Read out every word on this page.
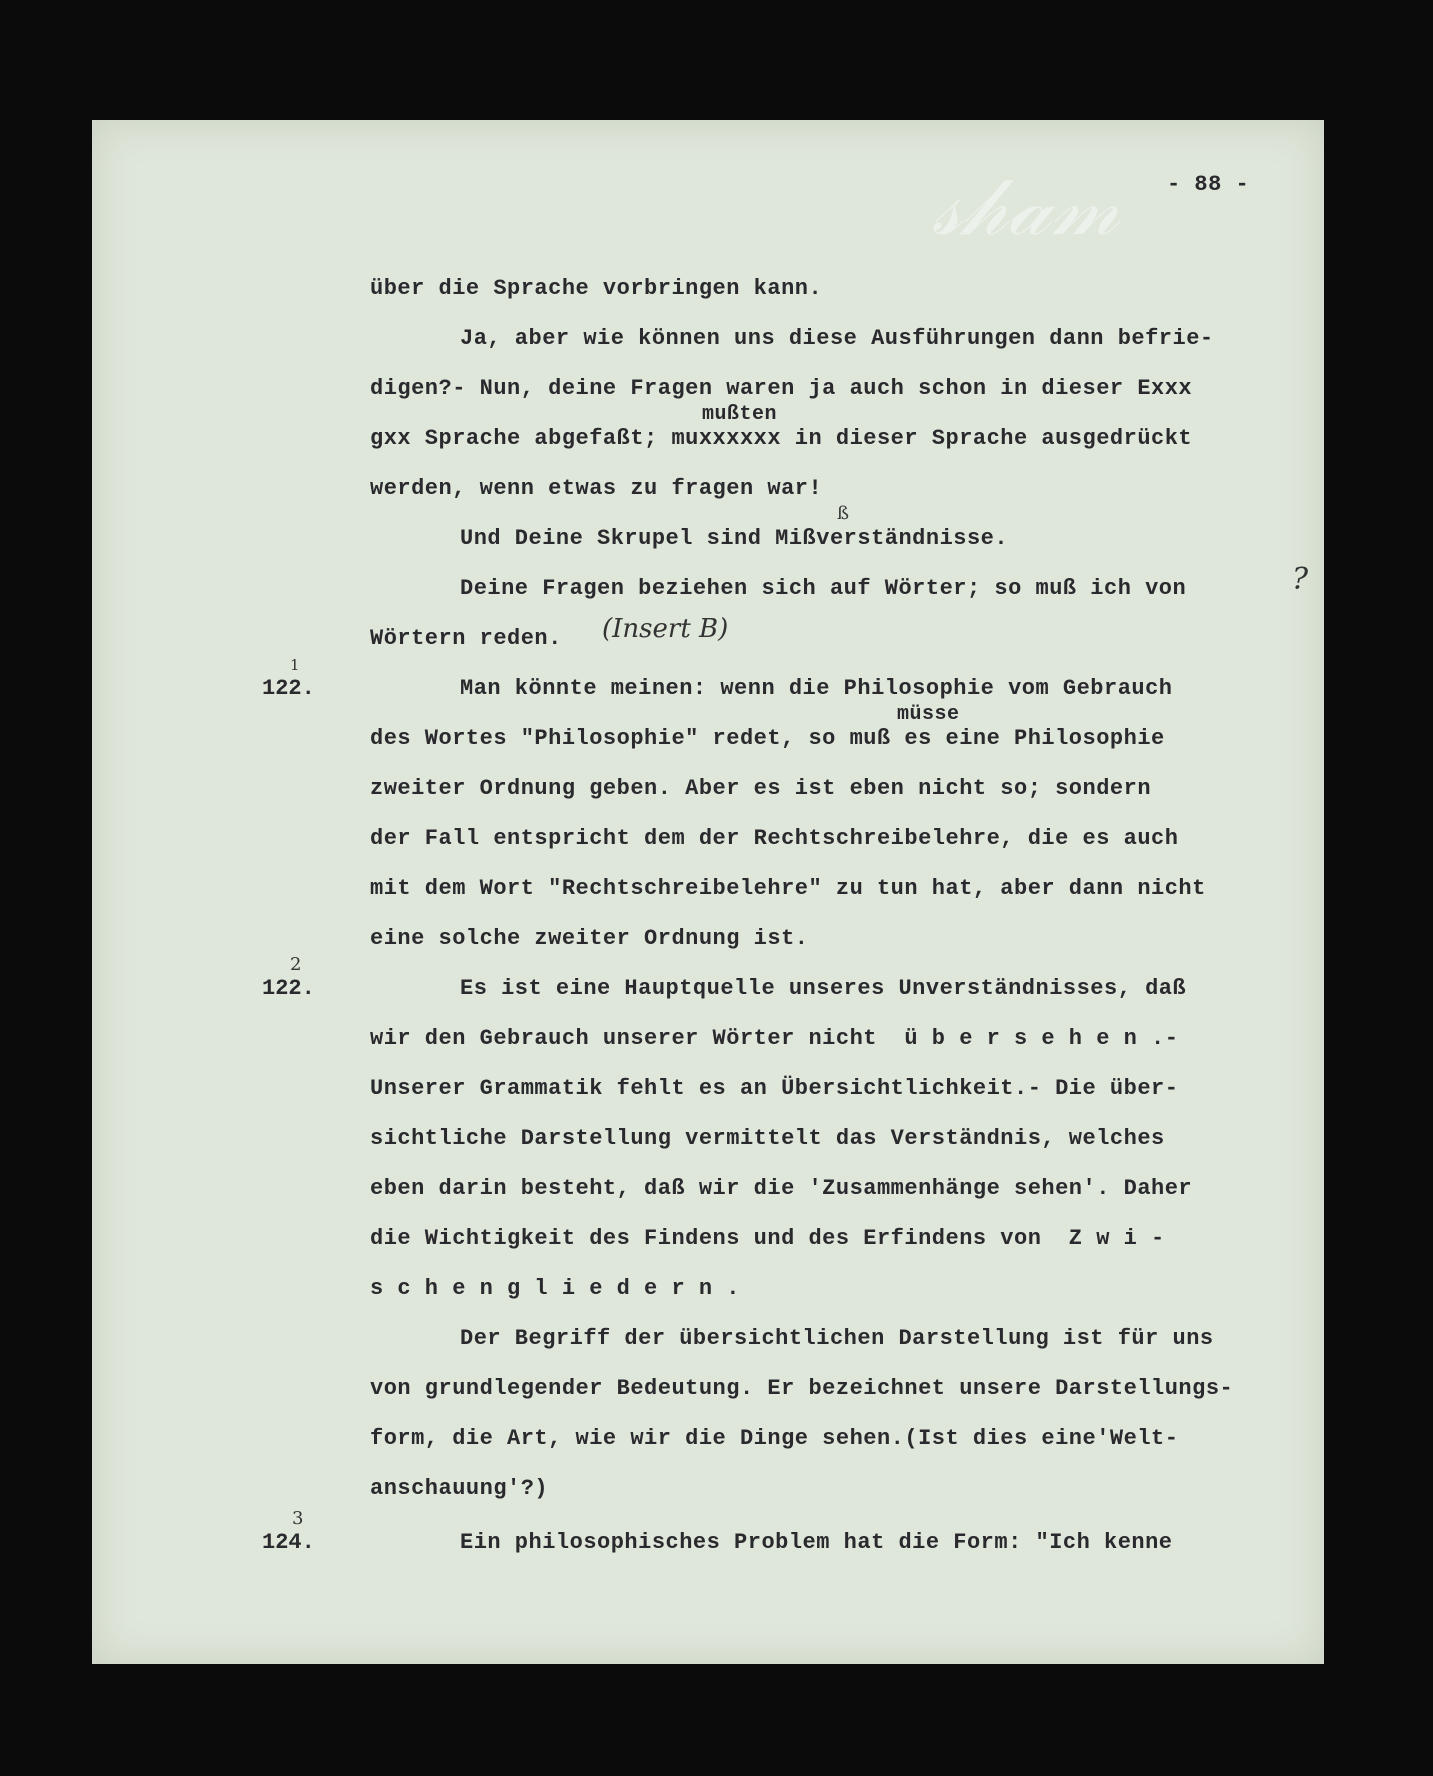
𝓈𝒽𝒶𝓂 - 88 -
über die Sprache vorbringen kann.
Ja, aber wie können uns diese Ausführungen dann befrie-
digen?- Nun, deine Fragen waren ja auch schon in dieser Exxx
mußten
gxx Sprache abgefaßt; muxxxxxx in dieser Sprache ausgedrückt
werden, wenn etwas zu fragen war!
ß
Und Deine Skrupel sind Mißverständnisse.
Deine Fragen beziehen sich auf Wörter; so muß ich von	?
Wörtern reden. (Insert B)
122.
1
Man könnte meinen: wenn die Philosophie vom Gebrauch
müsse
des Wortes "Philosophie" redet, so muß es eine Philosophie
zweiter Ordnung geben. Aber es ist eben nicht so; sondern
der Fall entspricht dem der Rechtschreibelehre, die es auch
mit dem Wort "Rechtschreibelehre" zu tun hat, aber dann nicht
eine solche zweiter Ordnung ist.
122.
2
Es ist eine Hauptquelle unseres Unverständnisses, daß
wir den Gebrauch unserer Wörter nicht  ü b e r s e h e n .-
Unserer Grammatik fehlt es an Übersichtlichkeit.- Die über-
sichtliche Darstellung vermittelt das Verständnis, welches
eben darin besteht, daß wir die 'Zusammenhänge sehen'. Daher
die Wichtigkeit des Findens und des Erfindens von  Z w i -
s c h e n g l i e d e r n .
Der Begriff der übersichtlichen Darstellung ist für uns
von grundlegender Bedeutung. Er bezeichnet unsere Darstellungs-
form, die Art, wie wir die Dinge sehen.(Ist dies eine'Welt-
anschauung'?)
124.
3
Ein philosophisches Problem hat die Form: "Ich kenne
